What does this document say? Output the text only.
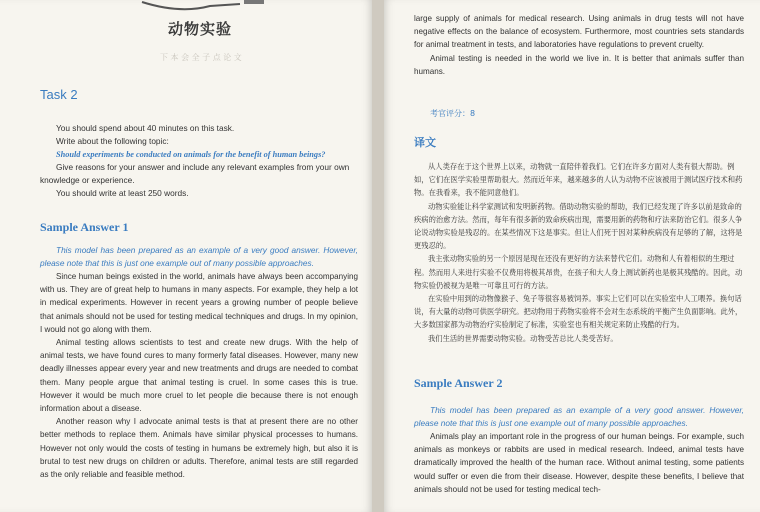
动物实验
下 本 会 全 子 点 论 文
Task 2

You should spend about 40 minutes on this task.

Write about the following topic:

Should experiments be conducted on animals for the benefit of human beings?

Give reasons for your answer and include any relevant examples from your own knowledge or experience.

You should write at least 250 words.

Sample Answer 1

This model has been prepared as an example of a very good answer. However, please note that this is just one example out of many possible approaches.

Since human beings existed in the world, animals have always been accompanying with us. They are of great help to humans in many aspects. For example, they help a lot in medical experiments. However in recent years a growing number of people believe that animals should not be used for testing medical techniques and drugs. In my opinion, I would not go along with them.

Animal testing allows scientists to test and create new drugs. With the help of animal tests, we have found cures to many formerly fatal diseases. However, many new deadly illnesses appear every year and new treatments and drugs are needed to combat them. Many people argue that animal testing is cruel. In some cases this is true. However it would be much more cruel to let people die because there is not enough information about a disease.

Another reason why I advocate animal tests is that at present there are no other better methods to replace them. Animals have similar physical processes to humans. However not only would the costs of testing in humans be extremely high, but also it is brutal to test new drugs on children or adults. Therefore, animal tests are still regarded as the only reliable and feasible method.

large supply of animals for medical research. Using animals in drug tests will not have negative effects on the balance of ecosystem. Furthermore, most countries sets standards for animal treatment in tests, and laboratories have regulations to prevent cruelty.

Animal testing is needed in the world we live in. It is better that animals suffer than humans.

考官评分：8
译文

从人类存在于这个世界上以来，动物就一直陪伴着我们。它们在许多方面对人类有很大帮助。例如，它们在医学实验里帮助很大。然而近年来，越来越多的人认为动物不应该被用于测试医疗技术和药物。在我看来，我不能同意他们。

动物实验能让科学家测试和发明新药物。借助动物实验的帮助，我们已经发现了许多以前是致命的疾病的治愈方法。然而，每年有很多新的致命疾病出现，需要用新的药物和疗法来防治它们。很多人争论说动物实验是残忍的。在某些情况下这是事实。但让人们死于因对某种疾病没有足够的了解，这将是更残忍的。

我主张动物实验的另一个原因是现在还没有更好的方法来替代它们。动物和人有着相似的生理过程。然而用人来进行实验不仅费用将极其昂贵，在孩子和大人身上测试新药也是极其残酷的。因此，动物实验仍被视为是唯一可靠且可行的方法。

在实验中用到的动物像猴子、兔子等很容易被饲养。事实上它们可以在实验室中人工喂养。换句话说，有大量的动物可供医学研究。把动物用于药物实验将不会对生态系统的平衡产生负面影响。此外，大多数国家都为动物治疗实验制定了标准，实验室也有相关规定来防止残酷的行为。

我们生活的世界需要动物实验。动物受苦总比人类受苦好。

Sample Answer 2

This model has been prepared as an example of a very good answer. However, please note that this is just one example out of many possible approaches.

Animals play an important role in the progress of our human beings. For example, such animals as monkeys or rabbits are used in medical research. Indeed, animal tests have dramatically improved the health of the human race. Without animal testing, some patients would suffer or even die from their disease. However, despite these benefits, I believe that animals should not be used for testing medical tech-
